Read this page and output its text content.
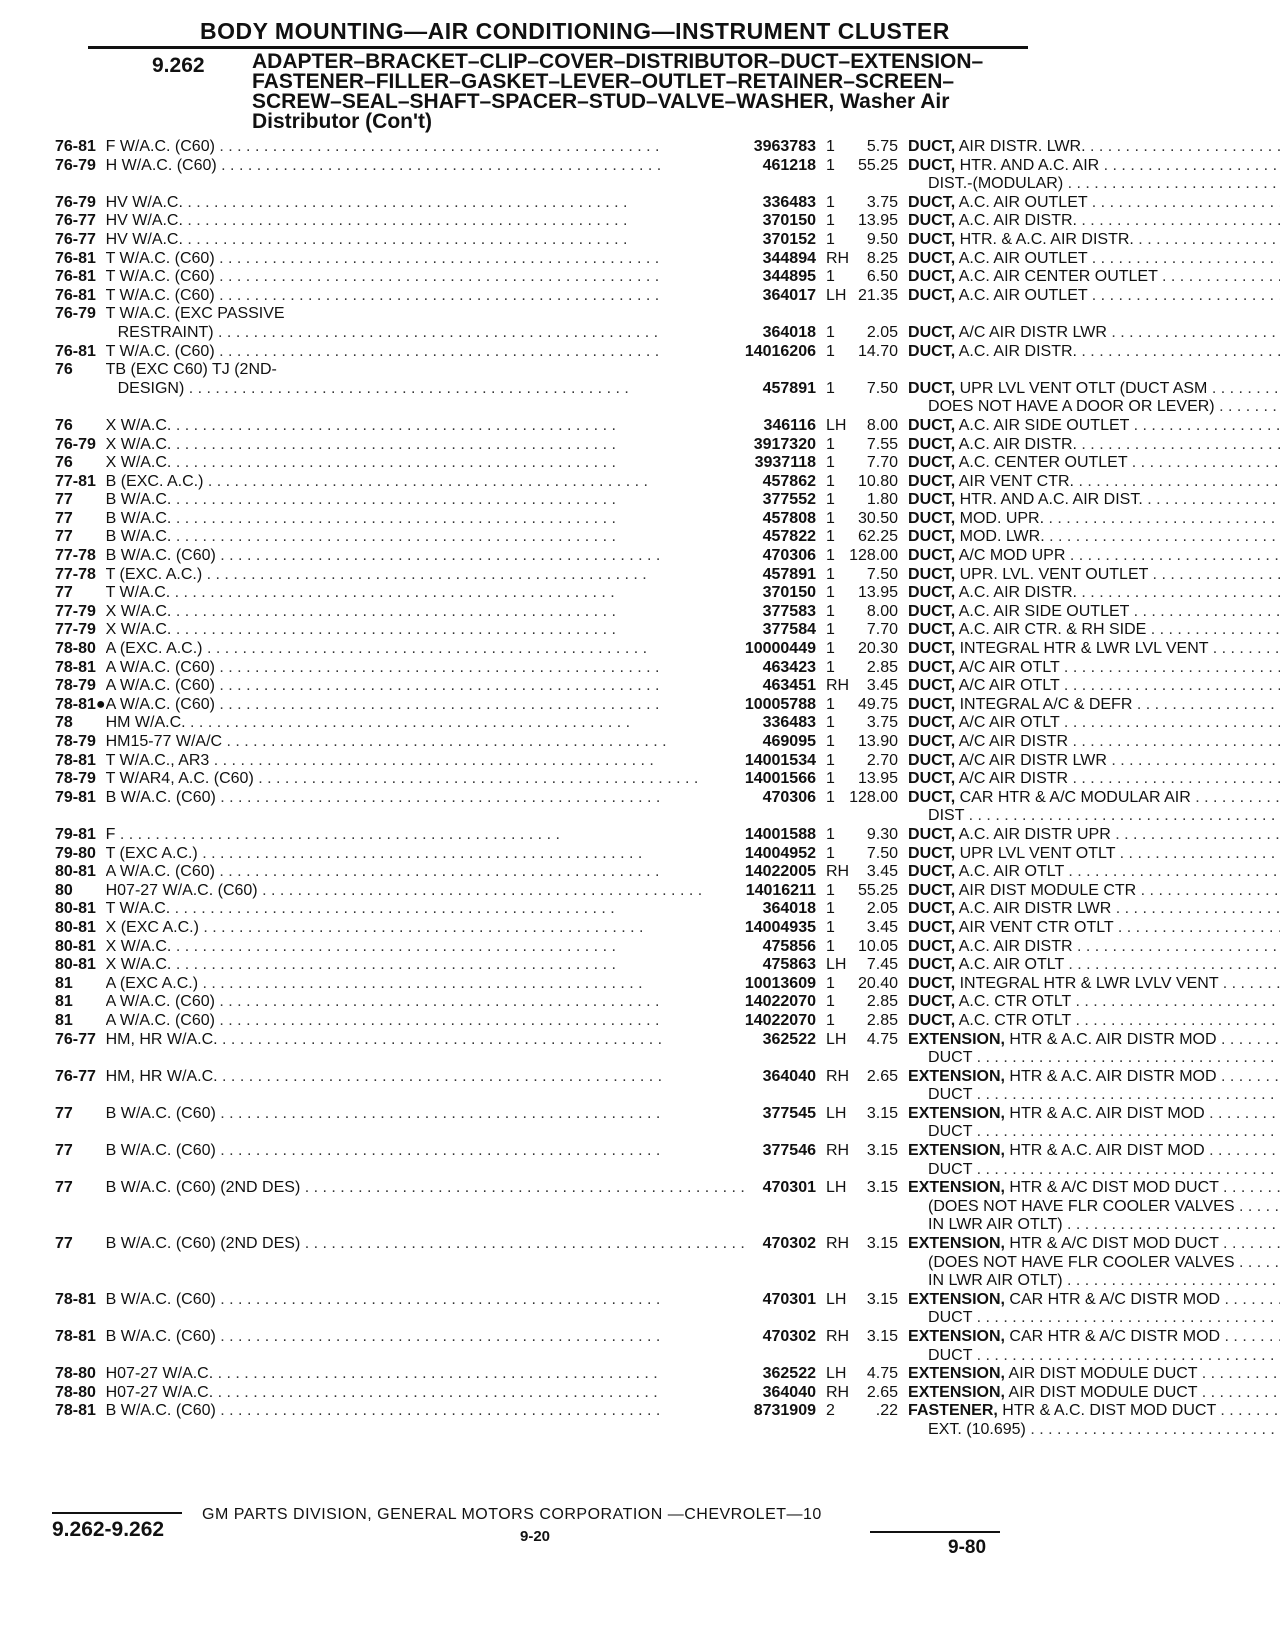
BODY MOUNTING—AIR CONDITIONING—INSTRUMENT CLUSTER
9.262 ADAPTER–BRACKET–CLIP–COVER–DISTRIBUTOR–DUCT–EXTENSION–
FASTENER–FILLER–GASKET–LEVER–OUTLET–RETAINER–SCREEN–
SCREW–SEAL–SHAFT–SPACER–STUD–VALVE–WASHER, Washer Air
Distributor (Con't)
76-81	F W/A.C. (C60) . . .	3963783	1	5.75	DUCT, AIR DISTR. LWR. . . .
76-79	H W/A.C. (C60) . . .	461218	1	55.25	DUCT, HTR. AND A.C. AIR . . .
					DIST.-(MODULAR) . . .
76-79	HV W/A.C. . . .	336483	1	3.75	DUCT, A.C. AIR OUTLET . . .
76-77	HV W/A.C. . . .	370150	1	13.95	DUCT, A.C. AIR DISTR. . . .
76-77	HV W/A.C. . . .	370152	1	9.50	DUCT, HTR. & A.C. AIR DISTR. . . .
76-81	T W/A.C. (C60) . . .	344894	RH	8.25	DUCT, A.C. AIR OUTLET . . .
76-81	T W/A.C. (C60) . . .	344895	1	6.50	DUCT, A.C. AIR CENTER OUTLET . . .
76-81	T W/A.C. (C60) . . .	364017	LH	21.35	DUCT, A.C. AIR OUTLET . . .
76-79	T W/A.C. (EXC PASSIVE				
	RESTRAINT) . . .	364018	1	2.05	DUCT, A/C AIR DISTR LWR . . .
76-81	T W/A.C. (C60) . . .	14016206	1	14.70	DUCT, A.C. AIR DISTR. . . .
76	TB (EXC C60) TJ (2ND-				
	DESIGN) . . .	457891	1	7.50	DUCT, UPR LVL VENT OTLT (DUCT ASM . . .
					DOES NOT HAVE A DOOR OR LEVER) . . .
76	X W/A.C. . . .	346116	LH	8.00	DUCT, A.C. AIR SIDE OUTLET . . .
76-79	X W/A.C. . . .	3917320	1	7.55	DUCT, A.C. AIR DISTR. . . .
76	X W/A.C. . . .	3937118	1	7.70	DUCT, A.C. CENTER OUTLET . . .
77-81	B (EXC. A.C.) . . .	457862	1	10.80	DUCT, AIR VENT CTR. . . .
77	B W/A.C. . . .	377552	1	1.80	DUCT, HTR. AND A.C. AIR DIST. . . .
77	B W/A.C. . . .	457808	1	30.50	DUCT, MOD. UPR. . . .
77	B W/A.C. . . .	457822	1	62.25	DUCT, MOD. LWR. . . .
77-78	B W/A.C. (C60) . . .	470306	1	128.00	DUCT, A/C MOD UPR . . .
77-78	T (EXC. A.C.) . . .	457891	1	7.50	DUCT, UPR. LVL. VENT OUTLET . . .
77	T W/A.C. . . .	370150	1	13.95	DUCT, A.C. AIR DISTR. . . .
77-79	X W/A.C. . . .	377583	1	8.00	DUCT, A.C. AIR SIDE OUTLET . . .
77-79	X W/A.C. . . .	377584	1	7.70	DUCT, A.C. AIR CTR. & RH SIDE . . .
78-80	A (EXC. A.C.) . . .	10000449	1	20.30	DUCT, INTEGRAL HTR & LWR LVL VENT . . .
78-81	A W/A.C. (C60) . . .	463423	1	2.85	DUCT, A/C AIR OTLT . . .
78-79	A W/A.C. (C60) . . .	463451	RH	3.45	DUCT, A/C AIR OTLT . . .
78-81●	A W/A.C. (C60) . . .	10005788	1	49.75	DUCT, INTEGRAL A/C & DEFR . . .
78	HM W/A.C. . . .	336483	1	3.75	DUCT, A/C AIR OTLT . . .
78-79	HM15-77 W/A/C . . .	469095	1	13.90	DUCT, A/C AIR DISTR . . .
78-81	T W/A.C., AR3 . . .	14001534	1	2.70	DUCT, A/C AIR DISTR LWR . . .
78-79	T W/AR4, A.C. (C60) . . .	14001566	1	13.95	DUCT, A/C AIR DISTR . . .
79-81	B W/A.C. (C60) . . .	470306	1	128.00	DUCT, CAR HTR & A/C MODULAR AIR . . .
					DIST . . .
79-81	F . . .	14001588	1	9.30	DUCT, A.C. AIR DISTR UPR . . .
79-80	T (EXC A.C.) . . .	14004952	1	7.50	DUCT, UPR LVL VENT OTLT . . .
80-81	A W/A.C. (C60) . . .	14022005	RH	3.45	DUCT, A.C. AIR OTLT . . .
80	H07-27 W/A.C. (C60) . . .	14016211	1	55.25	DUCT, AIR DIST MODULE CTR . . .
80-81	T W/A.C. . . .	364018	1	2.05	DUCT, A.C. AIR DISTR LWR . . .
80-81	X (EXC A.C.) . . .	14004935	1	3.45	DUCT, AIR VENT CTR OTLT . . .
80-81	X W/A.C. . . .	475856	1	10.05	DUCT, A.C. AIR DISTR . . .
80-81	X W/A.C. . . .	475863	LH	7.45	DUCT, A.C. AIR OTLT . . .
81	A (EXC A.C.) . . .	10013609	1	20.40	DUCT, INTEGRAL HTR & LWR LVLV VENT . . .
81	A W/A.C. (C60) . . .	14022070	1	2.85	DUCT, A.C. CTR OTLT . . .
81	A W/A.C. (C60) . . .	14022070	1	2.85	DUCT, A.C. CTR OTLT . . .
76-77	HM, HR W/A.C. . . .	362522	LH	4.75	EXTENSION, HTR & A.C. AIR DISTR MOD . . .
					DUCT . . .
76-77	HM, HR W/A.C. . . .	364040	RH	2.65	EXTENSION, HTR & A.C. AIR DISTR MOD . . .
					DUCT . . .
77	B W/A.C. (C60) . . .	377545	LH	3.15	EXTENSION, HTR & A.C. AIR DIST MOD . . .
					DUCT . . .
77	B W/A.C. (C60) . . .	377546	RH	3.15	EXTENSION, HTR & A.C. AIR DIST MOD . . .
					DUCT . . .
77	B W/A.C. (C60) (2ND DES) . . .	470301	LH	3.15	EXTENSION, HTR & A/C DIST MOD DUCT . . .
					(DOES NOT HAVE FLR COOLER VALVES . . .
					IN LWR AIR OTLT) . . .
77	B W/A.C. (C60) (2ND DES) . . .	470302	RH	3.15	EXTENSION, HTR & A/C DIST MOD DUCT . . .
					(DOES NOT HAVE FLR COOLER VALVES . . .
					IN LWR AIR OTLT) . . .
78-81	B W/A.C. (C60) . . .	470301	LH	3.15	EXTENSION, CAR HTR & A/C DISTR MOD . . .
					DUCT . . .
78-81	B W/A.C. (C60) . . .	470302	RH	3.15	EXTENSION, CAR HTR & A/C DISTR MOD . . .
					DUCT . . .
78-80	H07-27 W/A.C. . . .	362522	LH	4.75	EXTENSION, AIR DIST MODULE DUCT . . .
78-80	H07-27 W/A.C. . . .	364040	RH	2.65	EXTENSION, AIR DIST MODULE DUCT . . .
78-81	B W/A.C. (C60) . . .	8731909	2	.22	FASTENER, HTR & A.C. DIST MOD DUCT . . .
					EXT. (10.695) . . .
9.262-9.262
GM PARTS DIVISION, GENERAL MOTORS CORPORATION —CHEVROLET—10
9-20
9-80
